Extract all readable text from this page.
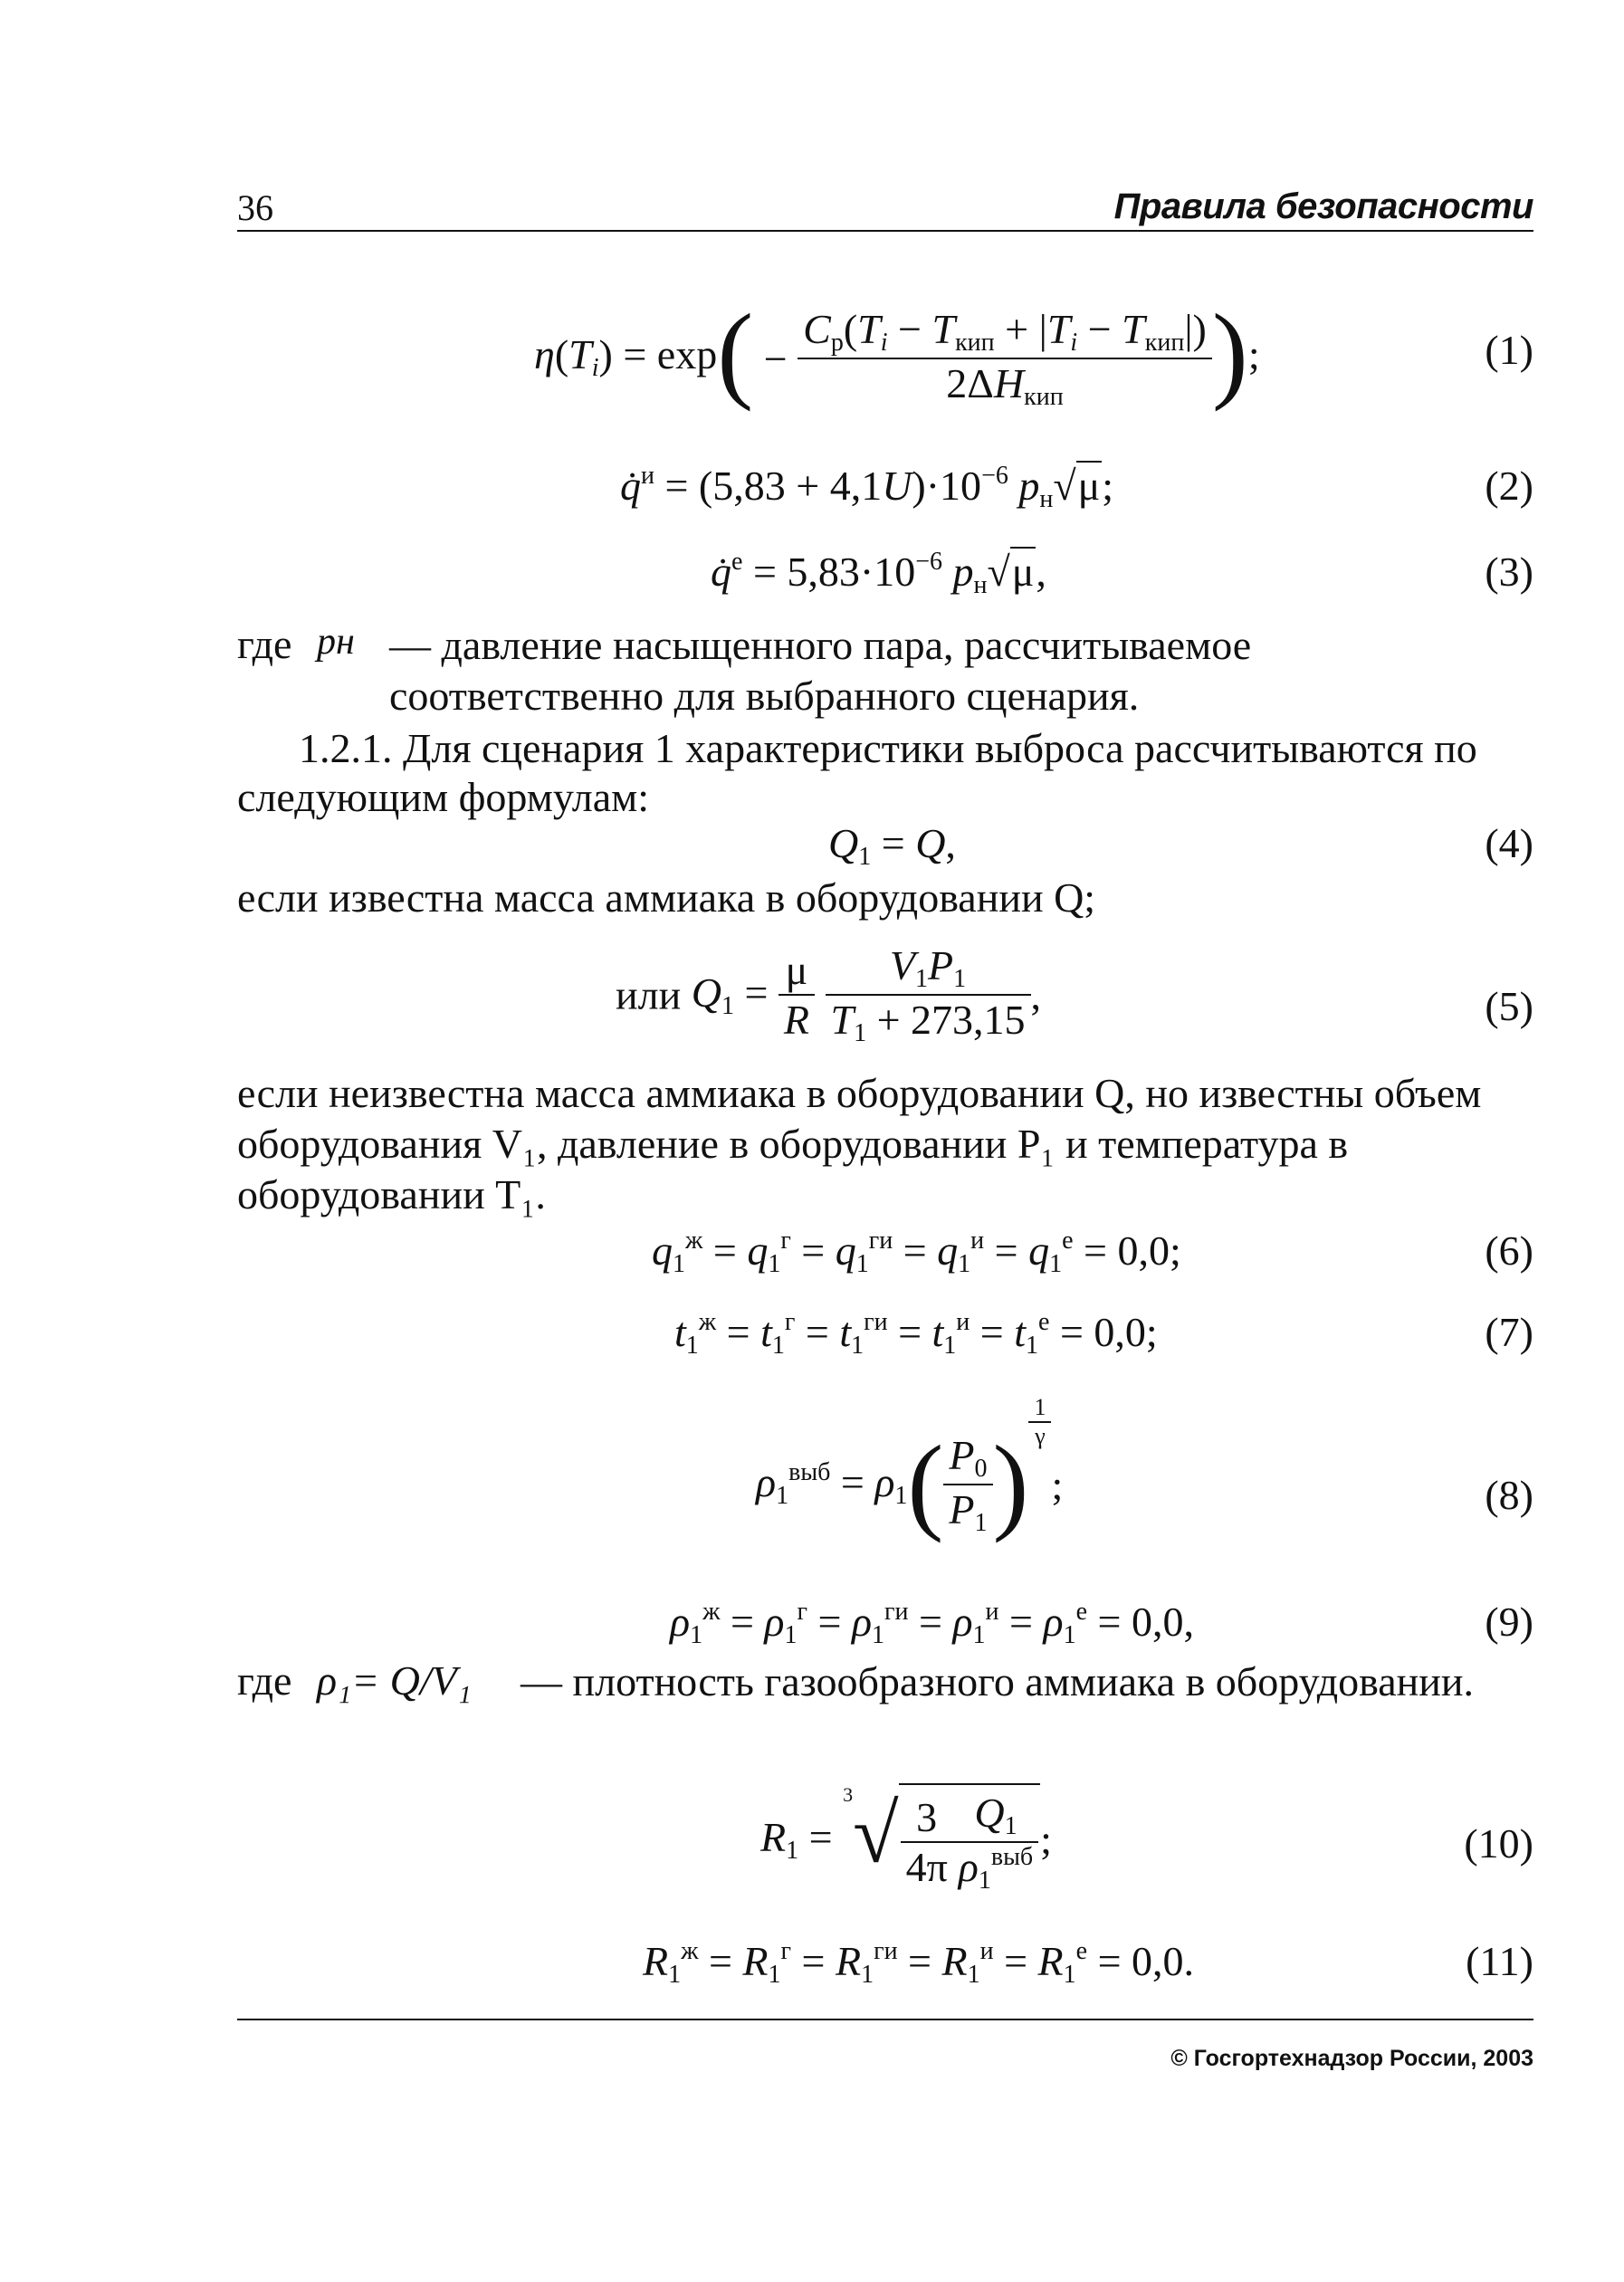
36	Правила безопасности
$\eta(T_i) = \exp( - \frac{C_р(T_i - T_{кип} + |T_i - T_{кип}|)}{2\Delta H_{кип}}$ );	(1)
q̇$^и$ = $(5,83 + 4,1U)\cdot 10^{-6}$ $p_н√\mu$;	(2)
q̇$^е$ = $5,83\cdot 10^{-6}$ $p_н√\mu$,	(3)
где pн — давление насыщенного пара, рассчитываемое соответственно для выбранного сценария.
1.2.1. Для сценария 1 характеристики выброса рассчитываются по следующим формулам:
$Q_1 = Q$,	(4)
если известна масса аммиака в оборудовании Q;
или $Q_1 = \frac{\mu}{R}$
$\frac{V_1P_1}{T_1 + 273,15}$ ,	(5)
если неизвестна масса аммиака в оборудовании Q, но известны объем оборудования V₁, давление в оборудовании P₁ и температура в оборудовании T₁.
$q_1^ж = q_1^г = q_1^{ги} = q_1^и = q_1^е = 0,0$;	(6)
$t_1^ж = t_1^г = t_1^{ги} = t_1^и = t_1^е = 0,0$;	(7)
$\rho_1^{выб} = \rho_1( \frac{P_0}{P_1}$ )
$\frac{1}{\gamma}$
;	(8)
$\rho_1^ж = \rho_1^г = \rho_1^{ги} = \rho_1^и = \rho_1^е = 0,0$,	(9)
где ρ₁= Q/V₁ — плотность газообразного аммиака в оборудовании.
$R_1 = ^3√ \frac{3}{4\pi} \frac{Q_1}{\rho_1^{выб}}$ ;	(10)
$R_1^ж = R_1^г = R_1^{ги} = R_1^и = R_1^е = 0,0$.	(11)
© Госгортехнадзор России, 2003
